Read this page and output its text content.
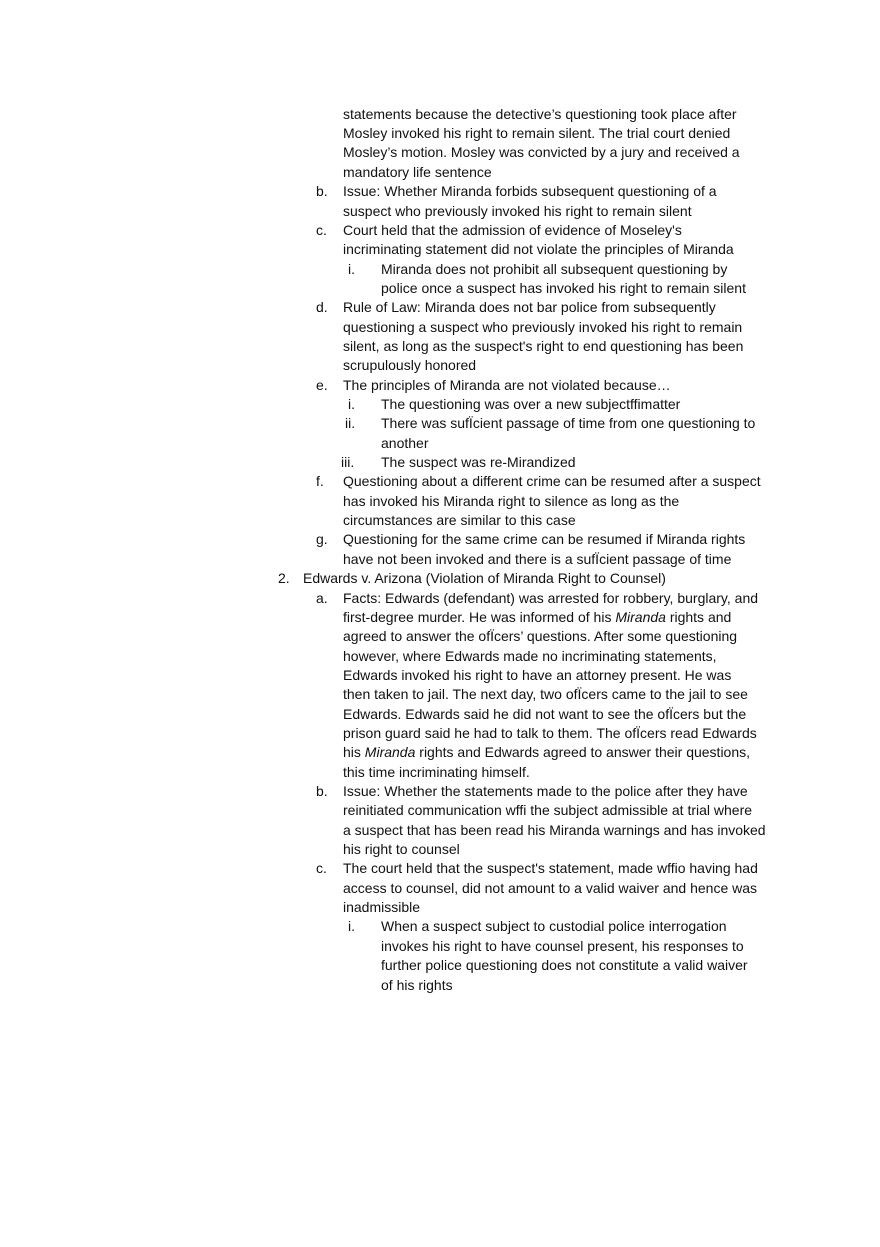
statements because the detective’s questioning took place after
Mosley invoked his right to remain silent. The trial court denied
Mosley’s motion. Mosley was convicted by a jury and received a
mandatory life sentence
b. Issue: Whether Miranda forbids subsequent questioning of a
suspect who previously invoked his right to remain silent
c. Court held that the admission of evidence of Moseley's
incriminating statement did not violate the principles of Miranda
i. Miranda does not prohibit all subsequent questioning by
police once a suspect has invoked his right to remain silent
d. Rule of Law: Miranda does not bar police from subsequently
questioning a suspect who previously invoked his right to remain
silent, as long as the suspect's right to end questioning has been
scrupulously honored
e. The principles of Miranda are not violated because…
i. The questioning was over a new subjectffimatter
ii. There was sufÏcient passage of time from one questioning to
another
iii. The suspect was re-Mirandized
f. Questioning about a different crime can be resumed after a suspect
has invoked his Miranda right to silence as long as the
circumstances are similar to this case
g. Questioning for the same crime can be resumed if Miranda rights
have not been invoked and there is a sufÏcient passage of time
2. Edwards v. Arizona (Violation of Miranda Right to Counsel)
a. Facts: Edwards (defendant) was arrested for robbery, burglary, and
first-degree murder. He was informed of his Miranda rights and
agreed to answer the ofÏcers’ questions. After some questioning
however, where Edwards made no incriminating statements,
Edwards invoked his right to have an attorney present. He was
then taken to jail. The next day, two ofÏcers came to the jail to see
Edwards. Edwards said he did not want to see the ofÏcers but the
prison guard said he had to talk to them. The ofÏcers read Edwards
his Miranda rights and Edwards agreed to answer their questions,
this time incriminating himself.
b. Issue: Whether the statements made to the police after they have
reinitiated communication wffi the subject admissible at trial where
a suspect that has been read his Miranda warnings and has invoked
his right to counsel
c. The court held that the suspect's statement, made wffio having had
access to counsel, did not amount to a valid waiver and hence was
inadmissible
i. When a suspect subject to custodial police interrogation
invokes his right to have counsel present, his responses to
further police questioning does not constitute a valid waiver
of his rights
